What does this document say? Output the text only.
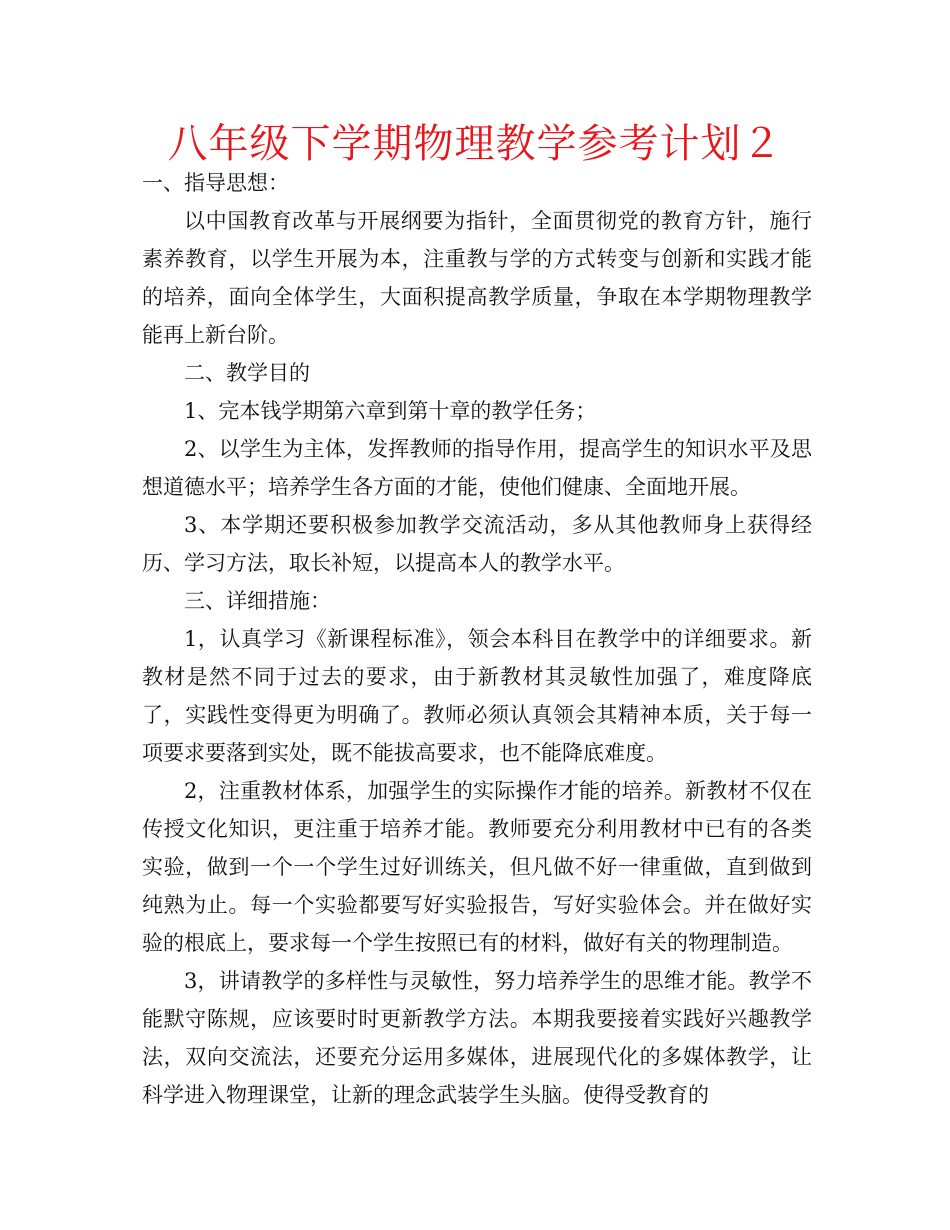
八年级下学期物理教学参考计划２

一、指导思想：

以中国教育改革与开展纲要为指针，全面贯彻党的教育方针，施行素养教育，以学生开展为本，注重教与学的方式转变与创新和实践才能的培养，面向全体学生，大面积提高教学质量，争取在本学期物理教学能再上新台阶。

二、教学目的

1、完本钱学期第六章到第十章的教学任务；

2、以学生为主体，发挥教师的指导作用，提高学生的知识水平及思想道德水平；培养学生各方面的才能，使他们健康、全面地开展。

3、本学期还要积极参加教学交流活动，多从其他教师身上获得经历、学习方法，取长补短，以提高本人的教学水平。

三、详细措施：

1，认真学习《新课程标准》，领会本科目在教学中的详细要求。新教材是然不同于过去的要求，由于新教材其灵敏性加强了，难度降底了，实践性变得更为明确了。教师必须认真领会其精神本质，关于每一项要求要落到实处，既不能拔高要求，也不能降底难度。

2，注重教材体系，加强学生的实际操作才能的培养。新教材不仅在传授文化知识，更注重于培养才能。教师要充分利用教材中已有的各类实验，做到一个一个学生过好训练关，但凡做不好一律重做，直到做到纯熟为止。每一个实验都要写好实验报告，写好实验体会。并在做好实验的根底上，要求每一个学生按照已有的材料，做好有关的物理制造。

3，讲请教学的多样性与灵敏性，努力培养学生的思维才能。教学不能默守陈规，应该要时时更新教学方法。本期我要接着实践好兴趣教学法，双向交流法，还要充分运用多媒体，进展现代化的多媒体教学，让科学进入物理课堂，让新的理念武装学生头脑。使得受教育的
